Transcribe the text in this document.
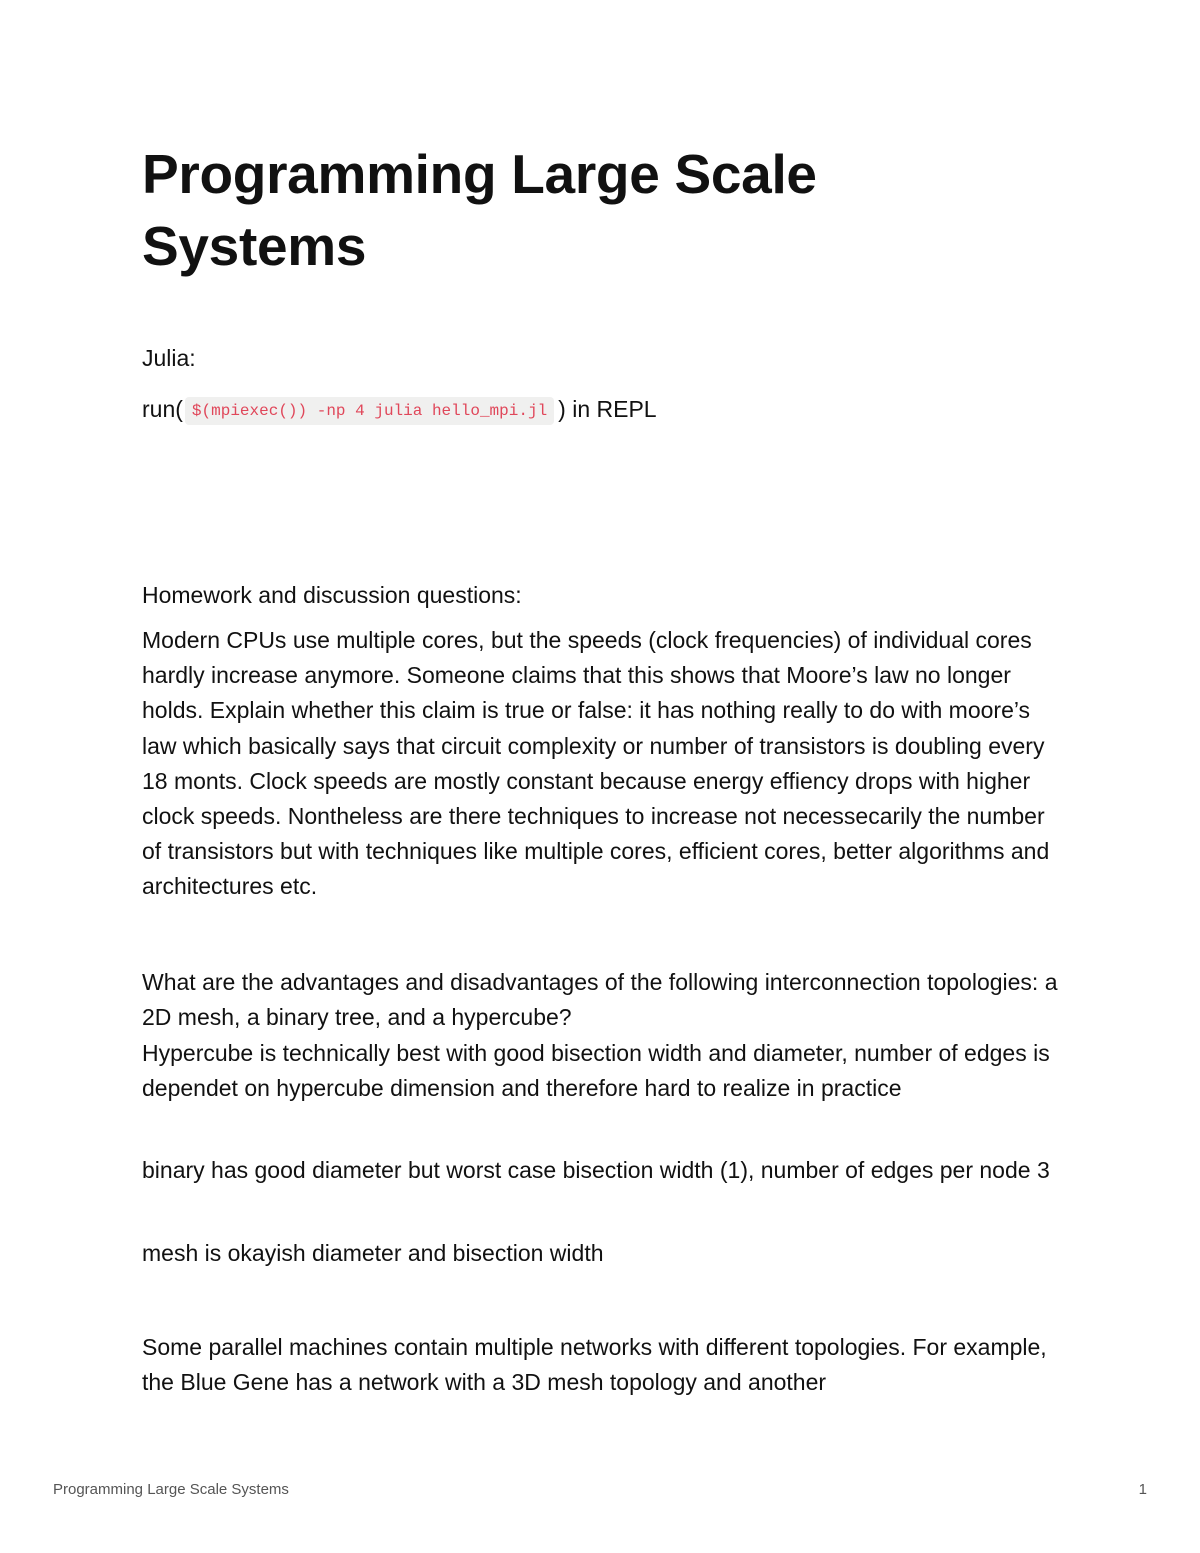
Programming Large Scale Systems

Julia:

run( $(mpiexec()) -np 4 julia hello_mpi.jl ) in REPL

Homework and discussion questions:

Modern CPUs use multiple cores, but the speeds (clock frequencies) of individual cores hardly increase anymore. Someone claims that this shows that Moore’s law no longer holds. Explain whether this claim is true or false: it has nothing really to do with moore’s law which basically says that circuit complexity or number of transistors is doubling every 18 monts. Clock speeds are mostly constant because energy effiency drops with higher clock speeds. Nontheless are there techniques to increase not necessecarily the number of transistors but with techniques like multiple cores, efficient cores, better algorithms and architectures etc.

What are the advantages and disadvantages of the following interconnection topologies: a 2D mesh, a binary tree, and a hypercube?

Hypercube is technically best with good bisection width and diameter, number of edges is dependet on hypercube dimension and therefore hard to realize in practice

binary has good diameter but worst case bisection width (1), number of edges per node 3

mesh is okayish diameter and bisection width

Some parallel machines contain multiple networks with different topologies. For example, the Blue Gene has a network with a 3D mesh topology and another

Programming Large Scale Systems	1
